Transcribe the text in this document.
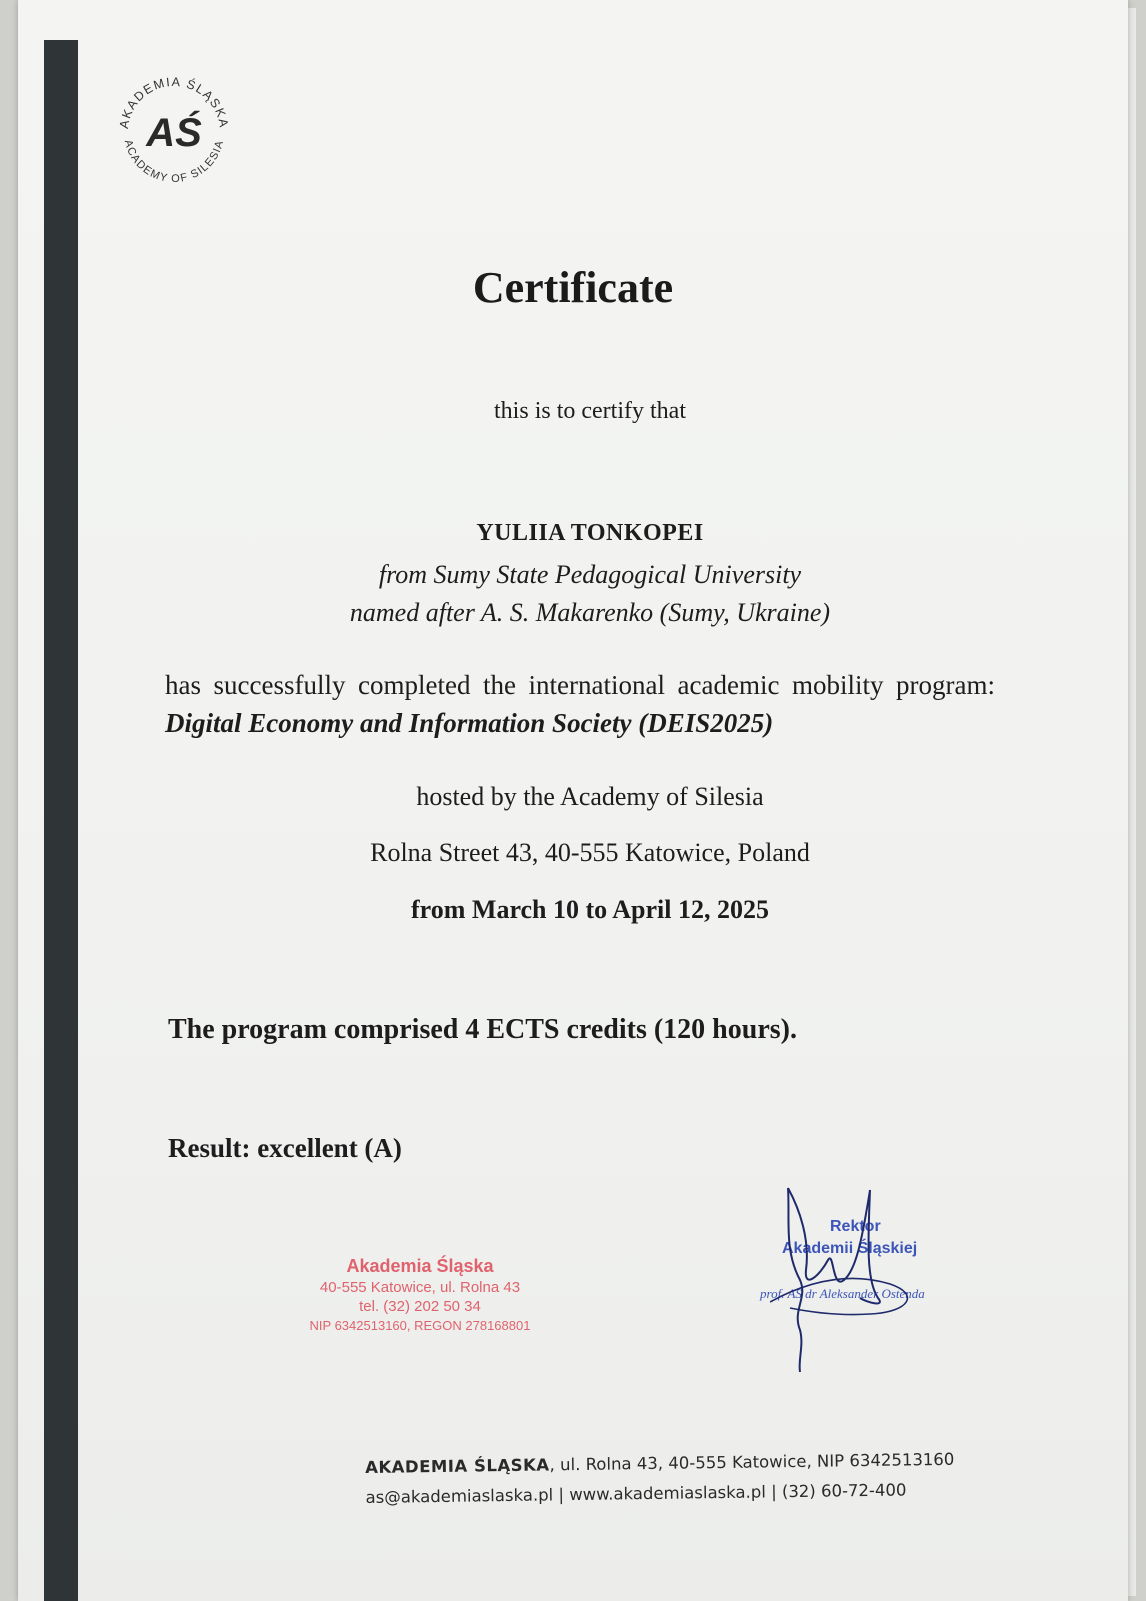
AKADEMIA ŚLĄSKA
ACADEMY OF SILESIA
AŚ
Certificate
this is to certify that
YULIIA TONKOPEI
from Sumy State Pedagogical University
named after A. S. Makarenko (Sumy, Ukraine)
has successfully completed the international academic mobility program: Digital Economy and Information Society (DEIS2025)
hosted by the Academy of Silesia
Rolna Street 43, 40-555 Katowice, Poland
from March 10 to April 12, 2025
The program comprised 4 ECTS credits (120 hours).
Result: excellent (A)
Akademia Śląska
40-555 Katowice, ul. Rolna 43
tel. (32) 202 50 34
NIP 6342513160, REGON 278168801
Rektor
Akademii Śląskiej
prof. AŚ dr Aleksander Ostenda
AKADEMIA ŚLĄSKA, ul. Rolna 43, 40-555 Katowice, NIP 6342513160
as@akademiaslaska.pl | www.akademiaslaska.pl | (32) 60-72-400
